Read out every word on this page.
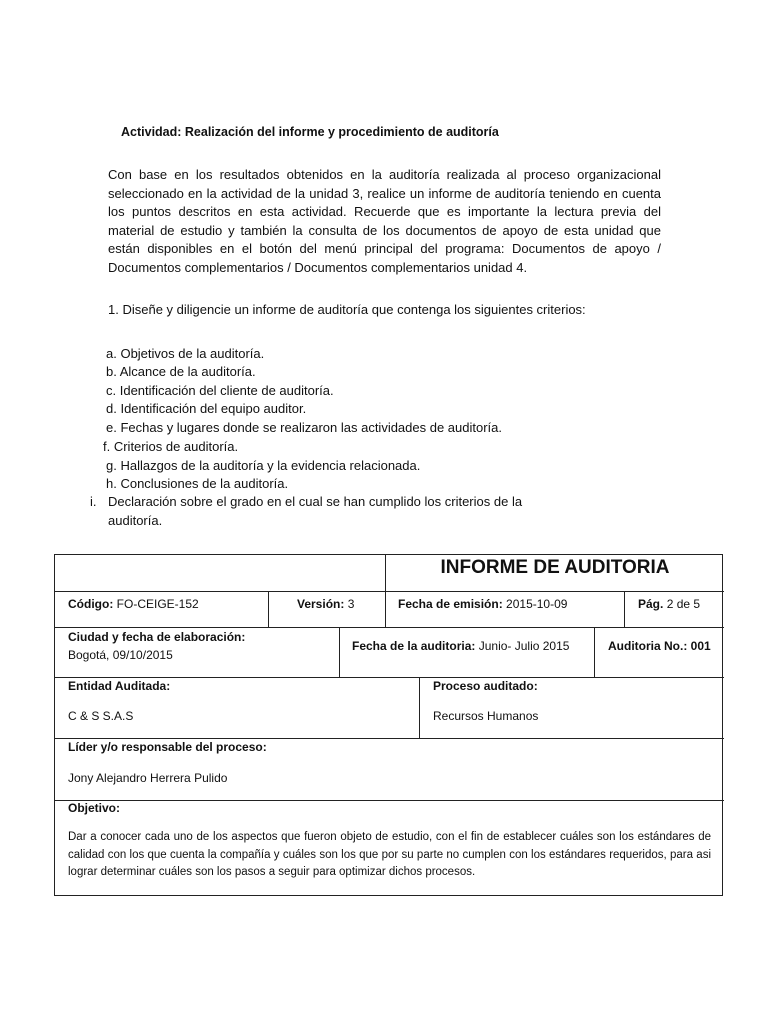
Actividad: Realización del informe y procedimiento de auditoría
Con base en los resultados obtenidos en la auditoría realizada al proceso organizacional seleccionado en la actividad de la unidad 3, realice un informe de auditoría teniendo en cuenta los puntos descritos en esta actividad. Recuerde que es importante la lectura previa del material de estudio y también la consulta de los documentos de apoyo de esta unidad que están disponibles en el botón del menú principal del programa: Documentos de apoyo / Documentos complementarios / Documentos complementarios unidad 4.
1. Diseñe y diligencie un informe de auditoría que contenga los siguientes criterios:
a. Objetivos de la auditoría.
b. Alcance de la auditoría.
c. Identificación del cliente de auditoría.
d. Identificación del equipo auditor.
e. Fechas y lugares donde se realizaron las actividades de auditoría.
f. Criterios de auditoría.
g. Hallazgos de la auditoría y la evidencia relacionada.
h. Conclusiones de la auditoría.
i. Declaración sobre el grado en el cual se han cumplido los criterios de la
auditoría.
INFORME DE AUDITORIA
Código: FO-CEIGE-152	Versión: 3	Fecha de emisión: 2015-10-09	Pág. 2 de 5
Ciudad y fecha de elaboración:
Bogotá, 09/10/2015
Fecha de la auditoria: Junio- Julio 2015	Auditoria No.: 001
Entidad Auditada:
C & S S.A.S
Proceso auditado:
Recursos Humanos
Líder y/o responsable del proceso:
Jony Alejandro Herrera Pulido
Objetivo:
Dar a conocer cada uno de los aspectos que fueron objeto de estudio, con el fin de establecer cuáles son los estándares de calidad con los que cuenta la compañía y cuáles son los que por su parte no cumplen con los estándares requeridos, para asi lograr determinar cuáles son los pasos a seguir para optimizar dichos procesos.
